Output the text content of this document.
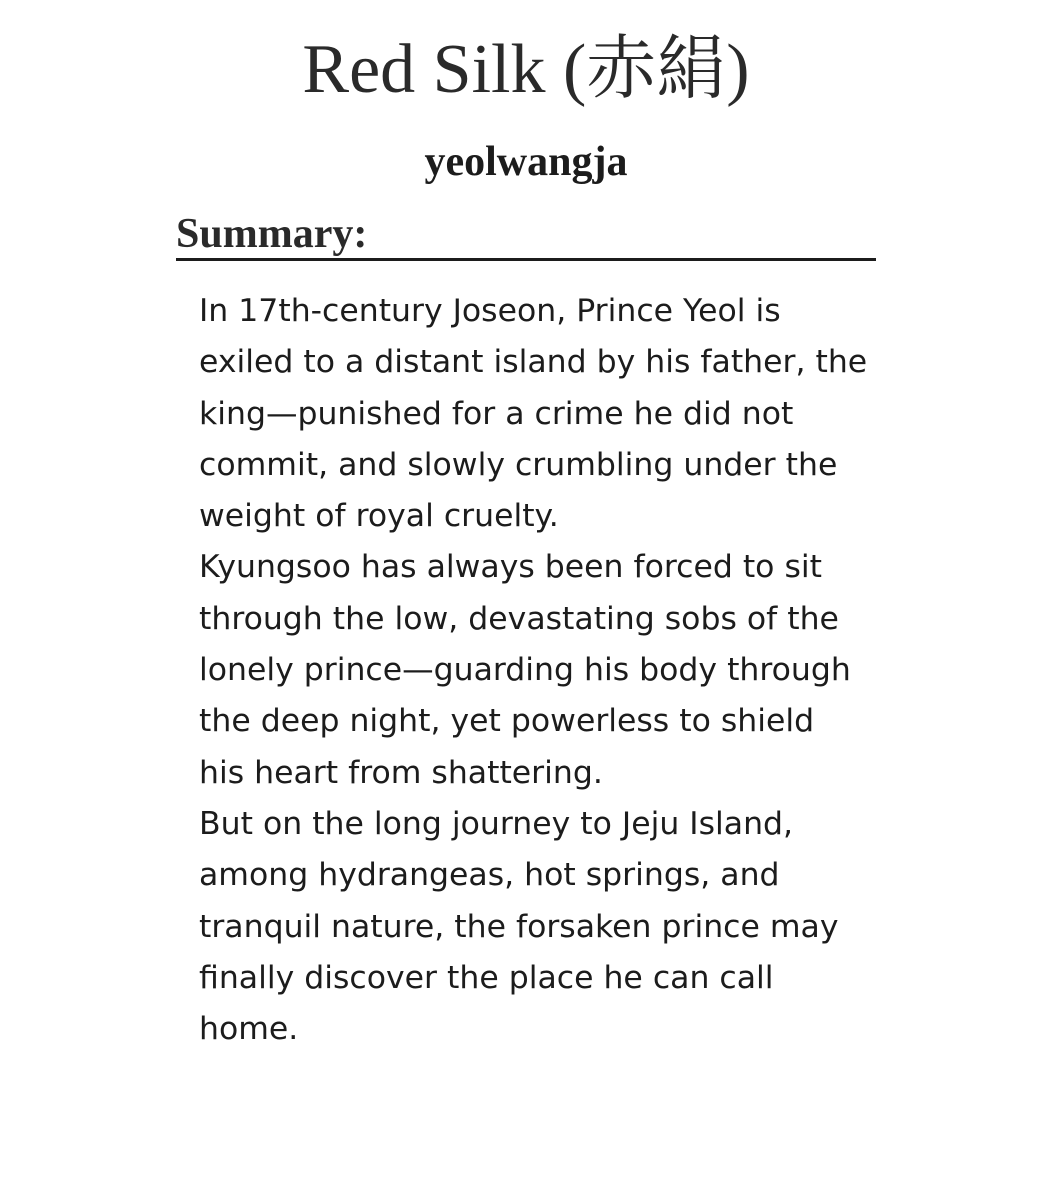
Red Silk (赤絹)
yeolwangja
Summary:

In 17th-century Joseon, Prince Yeol is exiled to a distant island by his father, the king—punished for a crime he did not commit, and slowly crumbling under the weight of royal cruelty.

Kyungsoo has always been forced to sit through the low, devastating sobs of the lonely prince—guarding his body through the deep night, yet powerless to shield his heart from shattering.

But on the long journey to Jeju Island, among hydrangeas, hot springs, and tranquil nature, the forsaken prince may finally discover the place he can call home.
